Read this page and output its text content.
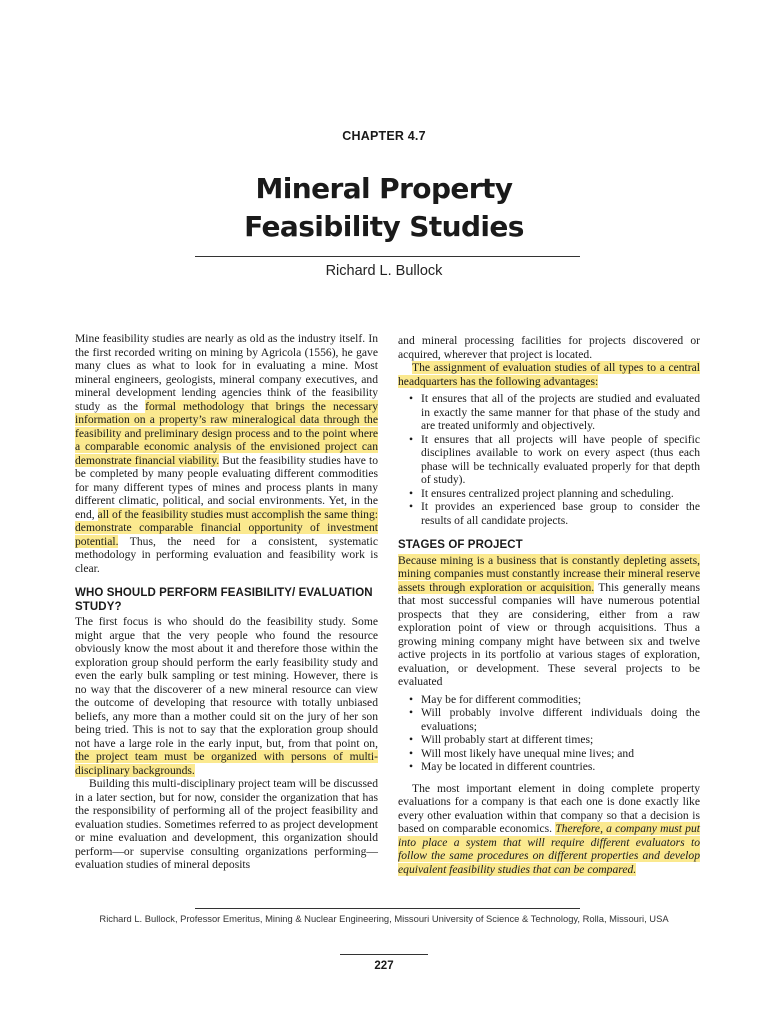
CHAPTER 4.7
Mineral Property
Feasibility Studies
Richard L. Bullock

Mine feasibility studies are nearly as old as the industry itself. In the first recorded writing on mining by Agricola (1556), he gave many clues as what to look for in evaluating a mine. Most mineral engineers, geologists, mineral company executives, and mineral development lending agencies think of the feasibility study as the formal methodology that brings the necessary information on a property’s raw mineralogical data through the feasibility and preliminary design process and to the point where a comparable economic analysis of the envisioned project can demonstrate financial viability. But the feasibility studies have to be completed by many people evaluating different commodities for many different types of mines and process plants in many different climatic, political, and social environments. Yet, in the end, all of the feasibility studies must accomplish the same thing: demonstrate comparable financial opportunity of investment potential. Thus, the need for a consistent, systematic methodology in performing evaluation and feasibility work is clear.

WHO SHOULD PERFORM FEASIBILITY/ EVALUATION STUDY?

The first focus is who should do the feasibility study. Some might argue that the very people who found the resource obviously know the most about it and therefore those within the exploration group should perform the early feasibility study and even the early bulk sampling or test mining. However, there is no way that the discoverer of a new mineral resource can view the outcome of developing that resource with totally unbiased beliefs, any more than a mother could sit on the jury of her son being tried. This is not to say that the exploration group should not have a large role in the early input, but, from that point on, the project team must be organized with persons of multi-disciplinary backgrounds.

Building this multi-disciplinary project team will be discussed in a later section, but for now, consider the organization that has the responsibility of performing all of the project feasibility and evaluation studies. Sometimes referred to as project development or mine evaluation and development, this organization should perform—or supervise consulting organizations performing—evaluation studies of mineral deposits

and mineral processing facilities for projects discovered or acquired, wherever that project is located.

The assignment of evaluation studies of all types to a central headquarters has the following advantages:

• It ensures that all of the projects are studied and evaluated in exactly the same manner for that phase of the study and are treated uniformly and objectively.
• It ensures that all projects will have people of specific disciplines available to work on every aspect (thus each phase will be technically evaluated properly for that depth of study).
• It ensures centralized project planning and scheduling.
• It provides an experienced base group to consider the results of all candidate projects.
STAGES OF PROJECT

Because mining is a business that is constantly depleting assets, mining companies must constantly increase their mineral reserve assets through exploration or acquisition. This generally means that most successful companies will have numerous potential prospects that they are considering, either from a raw exploration point of view or through acquisitions. Thus a growing mining company might have between six and twelve active projects in its portfolio at various stages of exploration, evaluation, or development. These several projects to be evaluated

• May be for different commodities;
• Will probably involve different individuals doing the evaluations;
• Will probably start at different times;
• Will most likely have unequal mine lives; and
• May be located in different countries.

The most important element in doing complete property evaluations for a company is that each one is done exactly like every other evaluation within that company so that a decision is based on comparable economics. Therefore, a company must put into place a system that will require different evaluators to follow the same procedures on different properties and develop equivalent feasibility studies that can be compared.

Richard L. Bullock, Professor Emeritus, Mining & Nuclear Engineering, Missouri University of Science & Technology, Rolla, Missouri, USA
227
